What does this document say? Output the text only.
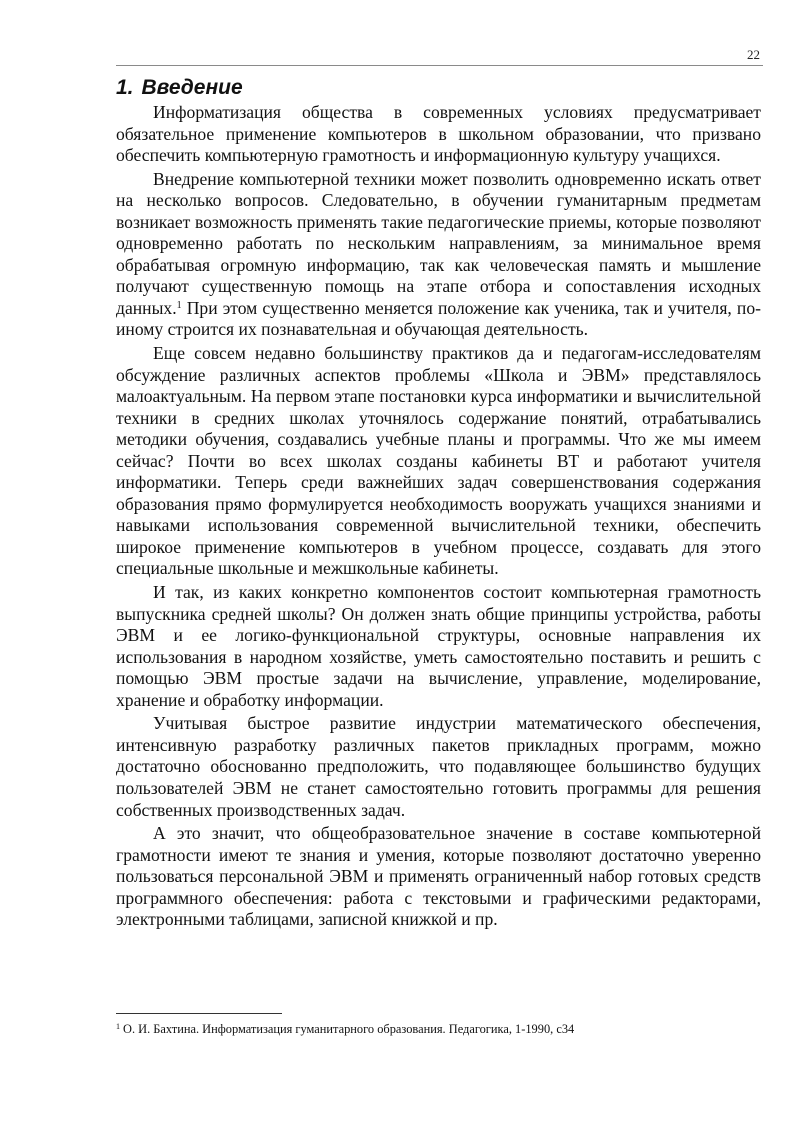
22
1. Введение

Информатизация общества в современных условиях предусматривает обязательное применение компьютеров в школьном образовании, что призвано обеспечить компьютерную грамотность и информационную культуру учащихся.

Внедрение компьютерной техники может позволить одновременно искать ответ на несколько вопросов. Следовательно, в обучении гуманитарным предметам возникает возможность применять такие педагогические приемы, которые позволяют одновременно работать по нескольким направлениям, за минимальное время обрабатывая огромную информацию, так как человеческая память и мышление получают существенную помощь на этапе отбора и сопоставления исходных данных.$^1$ При этом существенно меняется положение как ученика, так и учителя, по-иному строится их познавательная и обучающая деятельность.

Еще совсем недавно большинству практиков да и педагогам-исследователям обсуждение различных аспектов проблемы «Школа и ЭВМ» представлялось малоактуальным. На первом этапе постановки курса информатики и вычислительной техники в средних школах уточнялось содержание понятий, отрабатывались методики обучения, создавались учебные планы и программы. Что же мы имеем сейчас? Почти во всех школах созданы кабинеты ВТ и работают учителя информатики. Теперь среди важнейших задач совершенствования содержания образования прямо формулируется необходимость вооружать учащихся знаниями и навыками использования современной вычислительной техники, обеспечить широкое применение компьютеров в учебном процессе, создавать для этого специальные школьные и межшкольные кабинеты.

И так, из каких конкретно компонентов состоит компьютерная грамотность выпускника средней школы? Он должен знать общие принципы устройства, работы ЭВМ и ее логико-функциональной структуры, основные направления их использования в народном хозяйстве, уметь самостоятельно поставить и решить с помощью ЭВМ простые задачи на вычисление, управление, моделирование, хранение и обработку информации.

Учитывая быстрое развитие индустрии математического обеспечения, интенсивную разработку различных пакетов прикладных программ, можно достаточно обоснованно предположить, что подавляющее большинство будущих пользователей ЭВМ не станет самостоятельно готовить программы для решения собственных производственных задач.

А это значит, что общеобразовательное значение в составе компьютерной грамотности имеют те знания и умения, которые позволяют достаточно уверенно пользоваться персональной ЭВМ и применять ограниченный набор готовых средств программного обеспечения: работа с текстовыми и графическими редакторами, электронными таблицами, записной книжкой и пр.

$^1$ О. И. Бахтина. Информатизация гуманитарного образования. Педагогика, 1-1990, с34
